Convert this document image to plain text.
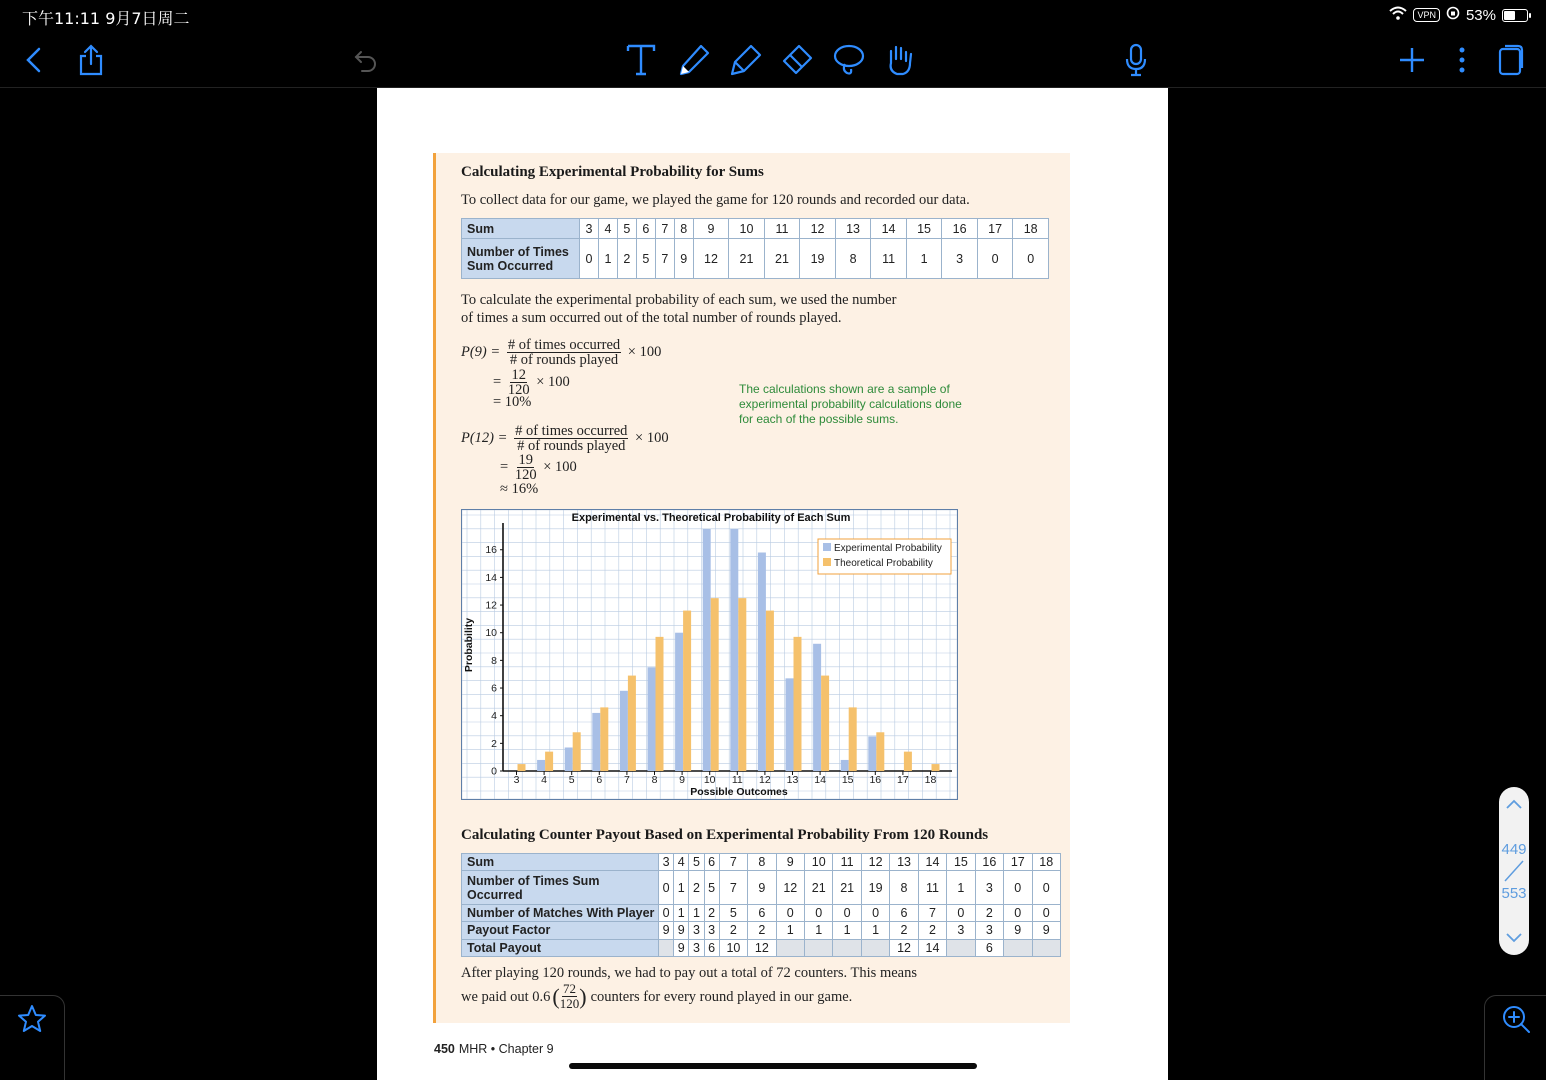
下午11:11 9月7日周二	VPN 53%
Calculating Experimental Probability for Sums
To collect data for our game, we played the game for 120 rounds and recorded our data.
Sum	3	4	5	6	7	8	9	10	11	12	13	14	15	16	17	18

Number of Times
Sum Occurred	0	1	2	5	7	9	12	21	21	19	8	11	1	3	0	0
To calculate the experimental probability of each sum, we used the number
of times a sum occurred out of the total number of rounds played.
$P(9) = \frac{\text{\# of times occurred}}{\text{\# of rounds played}} \times 100$
= $\frac{12}{120} \times 100$
= 10%
The calculations shown are a sample of experimental probability calculations done for each of the possible sums.
$P(12) = \frac{\text{\# of times occurred}}{\text{\# of rounds played}} \times 100$
= $\frac{19}{120} \times 100$
≈ 16%
Experimental vs. Theoretical Probability of Each Sum
0
2
4
6
8
10
12
14
16
Probability
3 4 5 6 7 8 9 10 11 12 13 14 15 16 17 18
Possible Outcomes
Experimental Probability
Theoretical Probability
Calculating Counter Payout Based on Experimental Probability From 120 Rounds
Sum	3	4	5	6	7	8	9	10	11	12	13	14	15	16	17	18
Number of Times Sum Occurred	0	1	2	5	7	9	12	21	21	19	8	11	1	3	0	0
Number of Matches With Player	0	1	1	2	5	6	0	0	0	0	6	7	0	2	0	0
Payout Factor	9	9	3	3	2	2	1	1	1	1	2	2	3	3	9	9
Total Payout		9	3	6	10	12					12	14		6		
After playing 120 rounds, we had to pay out a total of 72 counters. This means
we paid out 0.6 ( $\frac{72}{120}$ ) counters for every round played in our game.
450 MHR • Chapter 9
449
553
